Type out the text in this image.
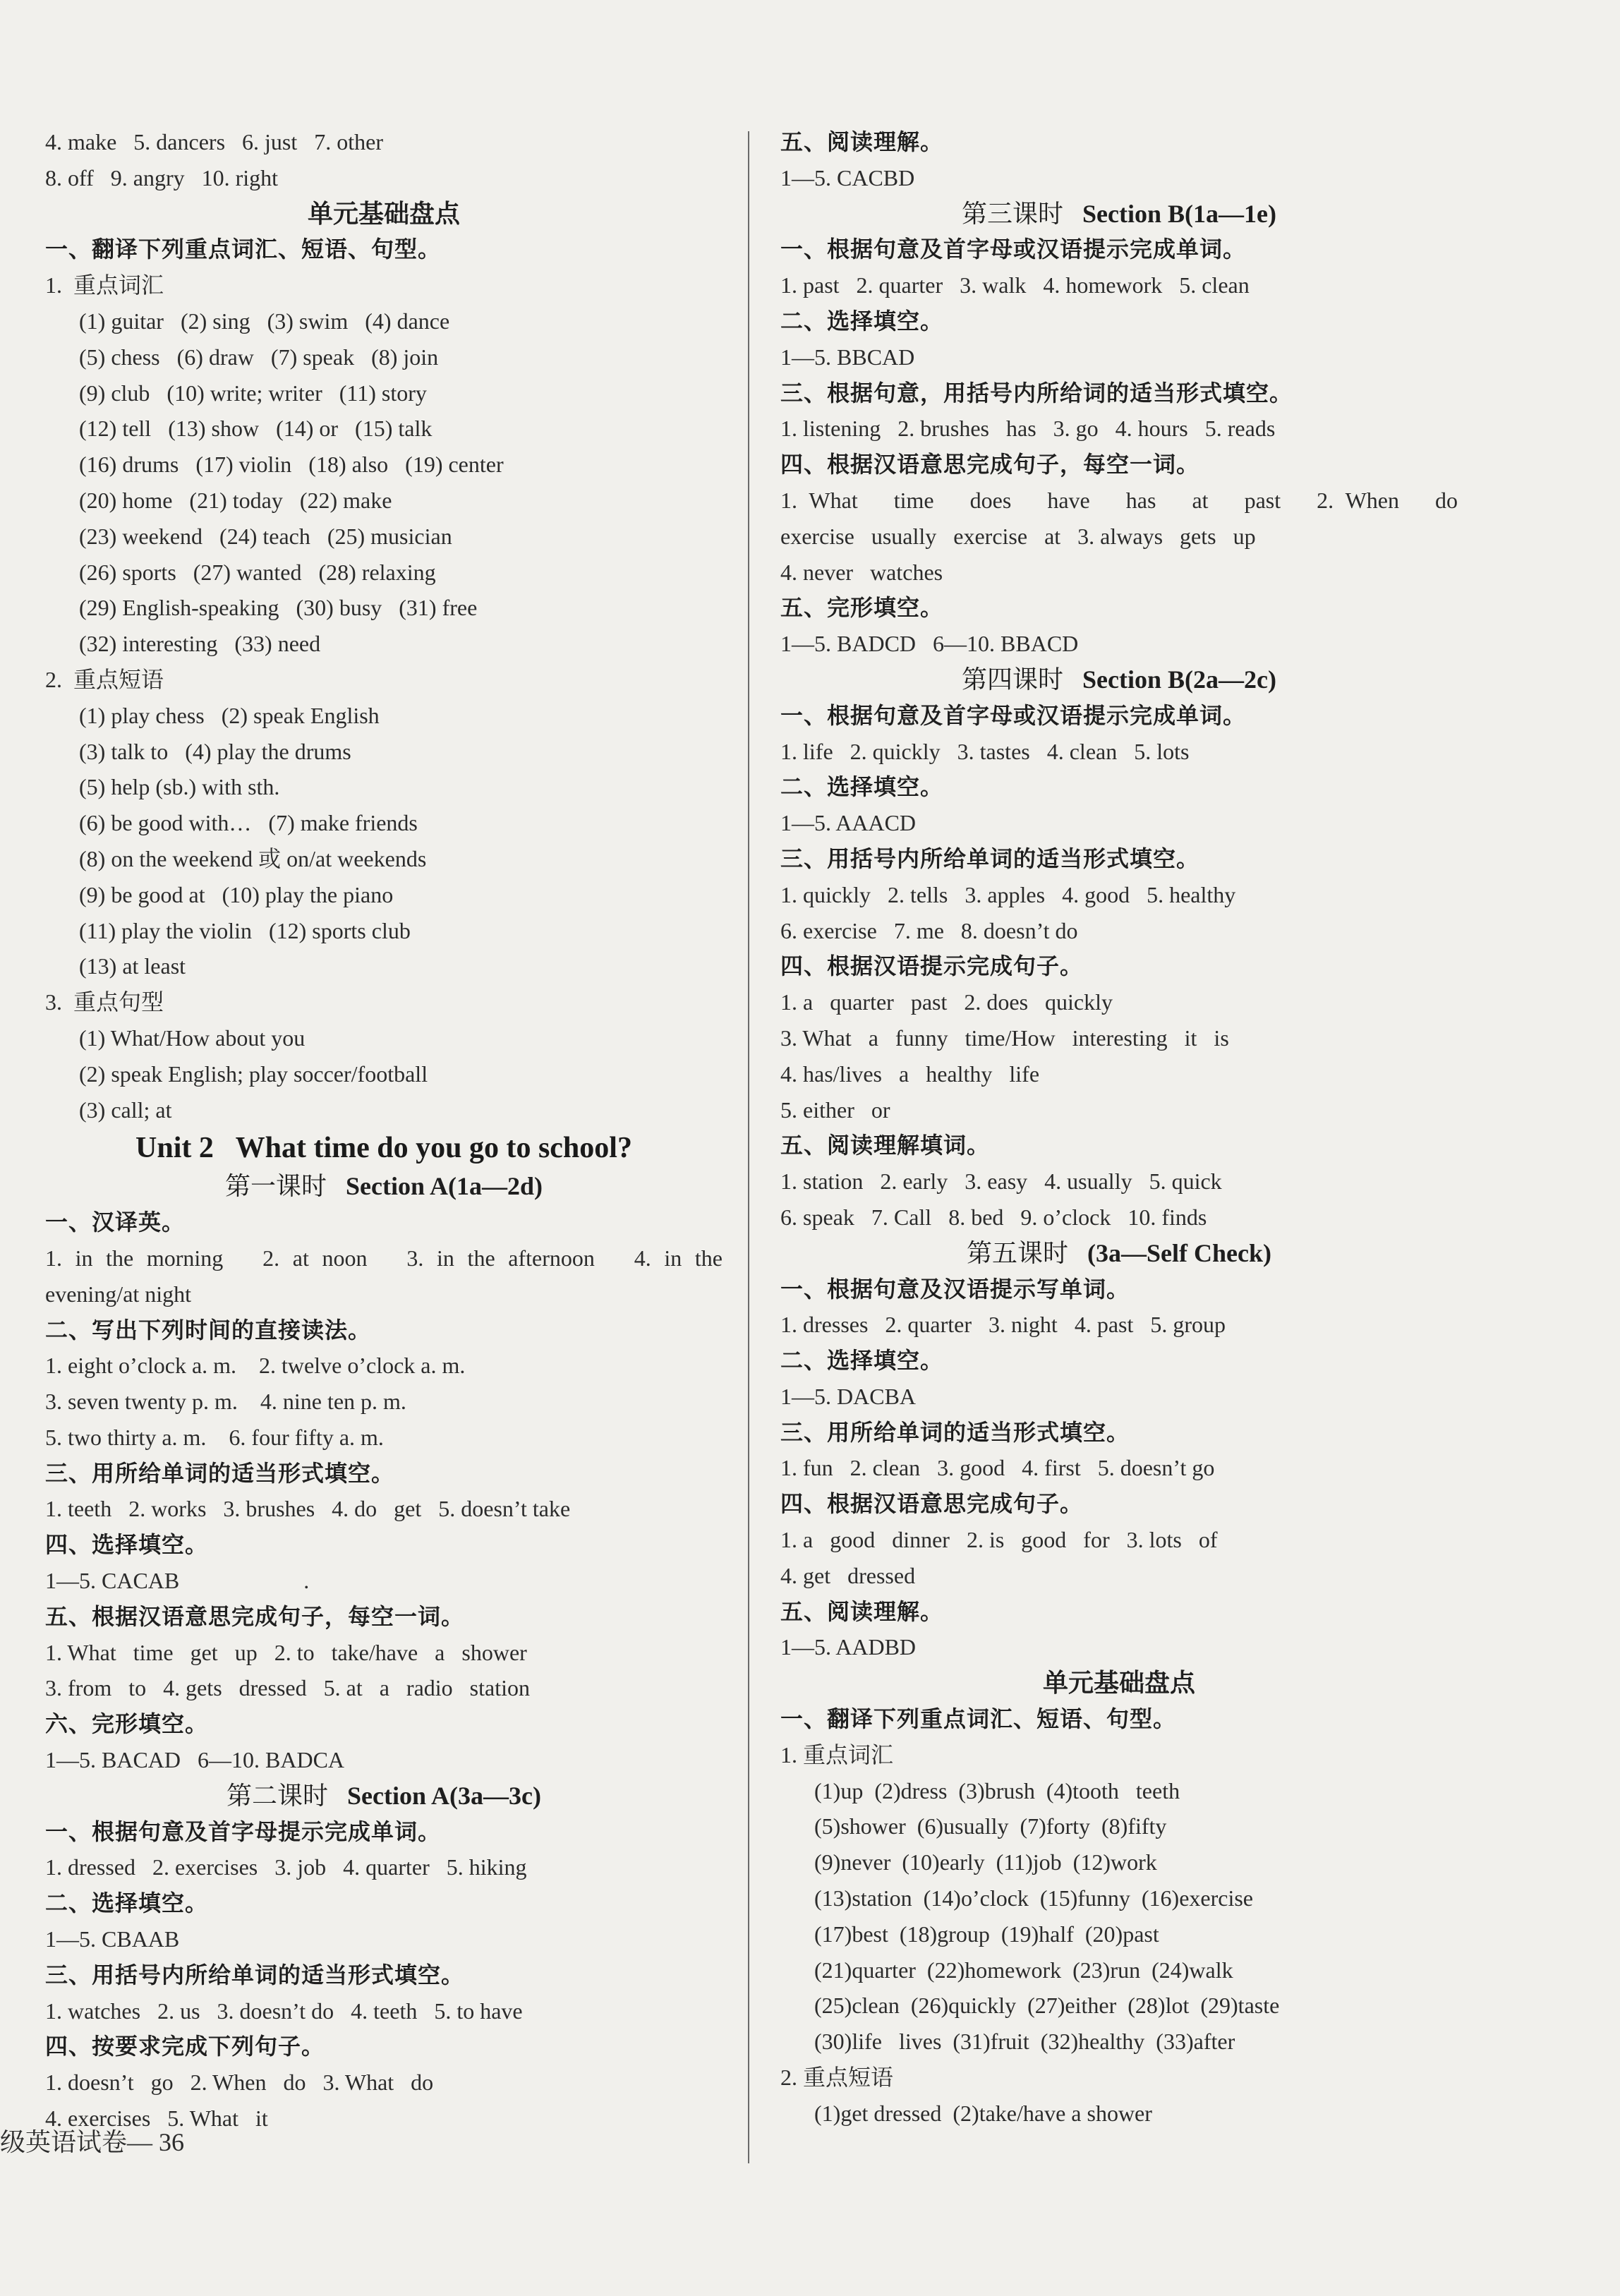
4. make   5. dancers   6. just   7. other
8. off   9. angry   10. right
单元基础盘点
一、翻译下列重点词汇、短语、句型。
1.  重点词汇
(1) guitar   (2) sing   (3) swim   (4) dance
(5) chess   (6) draw   (7) speak   (8) join
(9) club   (10) write; writer   (11) story
(12) tell   (13) show   (14) or   (15) talk
(16) drums   (17) violin   (18) also   (19) center
(20) home   (21) today   (22) make
(23) weekend   (24) teach   (25) musician
(26) sports   (27) wanted   (28) relaxing
(29) English-speaking   (30) busy   (31) free
(32) interesting   (33) need
2.  重点短语
(1) play chess   (2) speak English
(3) talk to   (4) play the drums
(5) help (sb.) with sth.
(6) be good with…   (7) make friends
(8) on the weekend 或 on/at weekends
(9) be good at   (10) play the piano
(11) play the violin   (12) sports club
(13) at least
3.  重点句型
(1) What/How about you
(2) speak English; play soccer/football
(3) call; at
Unit 2   What time do you go to school?
第一课时   Section A(1a—2d)
一、汉译英。
1. in the morning   2. at noon   3. in the afternoon   4. in the
evening/at night
二、写出下列时间的直接读法。
1. eight o’clock a. m.    2. twelve o’clock a. m.
3. seven twenty p. m.    4. nine ten p. m.
5. two thirty a. m.    6. four fifty a. m.
三、用所给单词的适当形式填空。
1. teeth   2. works   3. brushes   4. do   get   5. doesn’t take
四、选择填空。
1—5. CACAB                      .
五、根据汉语意思完成句子，每空一词。
1. What   time   get   up   2. to   take/have   a   shower
3. from   to   4. gets   dressed   5. at   a   radio   station
六、完形填空。
1—5. BACAD   6—10. BADCA
第二课时   Section A(3a—3c)
一、根据句意及首字母提示完成单词。
1. dressed   2. exercises   3. job   4. quarter   5. hiking
二、选择填空。
1—5. CBAAB
三、用括号内所给单词的适当形式填空。
1. watches   2. us   3. doesn’t do   4. teeth   5. to have
四、按要求完成下列句子。
1. doesn’t   go   2. When   do   3. What   do
4. exercises   5. What   it
五、阅读理解。
1—5. CACBD
第三课时   Section B(1a—1e)
一、根据句意及首字母或汉语提示完成单词。
1. past   2. quarter   3. walk   4. homework   5. clean
二、选择填空。
1—5. BBCAD
三、根据句意，用括号内所给词的适当形式填空。
1. listening   2. brushes   has   3. go   4. hours   5. reads
四、根据汉语意思完成句子，每空一词。
1. What   time   does   have   has   at   past   2. When   do
exercise   usually   exercise   at   3. always   gets   up
4. never   watches
五、完形填空。
1—5. BADCD   6—10. BBACD
第四课时   Section B(2a—2c)
一、根据句意及首字母或汉语提示完成单词。
1. life   2. quickly   3. tastes   4. clean   5. lots
二、选择填空。
1—5. AAACD
三、用括号内所给单词的适当形式填空。
1. quickly   2. tells   3. apples   4. good   5. healthy
6. exercise   7. me   8. doesn’t do
四、根据汉语提示完成句子。
1. a   quarter   past   2. does   quickly
3. What   a   funny   time/How   interesting   it   is
4. has/lives   a   healthy   life
5. either   or
五、阅读理解填词。
1. station   2. early   3. easy   4. usually   5. quick
6. speak   7. Call   8. bed   9. o’clock   10. finds
第五课时   (3a—Self Check)
一、根据句意及汉语提示写单词。
1. dresses   2. quarter   3. night   4. past   5. group
二、选择填空。
1—5. DACBA
三、用所给单词的适当形式填空。
1. fun   2. clean   3. good   4. first   5. doesn’t go
四、根据汉语意思完成句子。
1. a   good   dinner   2. is   good   for   3. lots   of
4. get   dressed
五、阅读理解。
1—5. AADBD
单元基础盘点
一、翻译下列重点词汇、短语、句型。
1. 重点词汇
(1)up  (2)dress  (3)brush  (4)tooth   teeth
(5)shower  (6)usually  (7)forty  (8)fifty
(9)never  (10)early  (11)job  (12)work
(13)station  (14)o’clock  (15)funny  (16)exercise
(17)best  (18)group  (19)half  (20)past
(21)quarter  (22)homework  (23)run  (24)walk
(25)clean  (26)quickly  (27)either  (28)lot  (29)taste
(30)life   lives  (31)fruit  (32)healthy  (33)after
2. 重点短语
(1)get dressed  (2)take/have a shower
级英语试卷— 36
